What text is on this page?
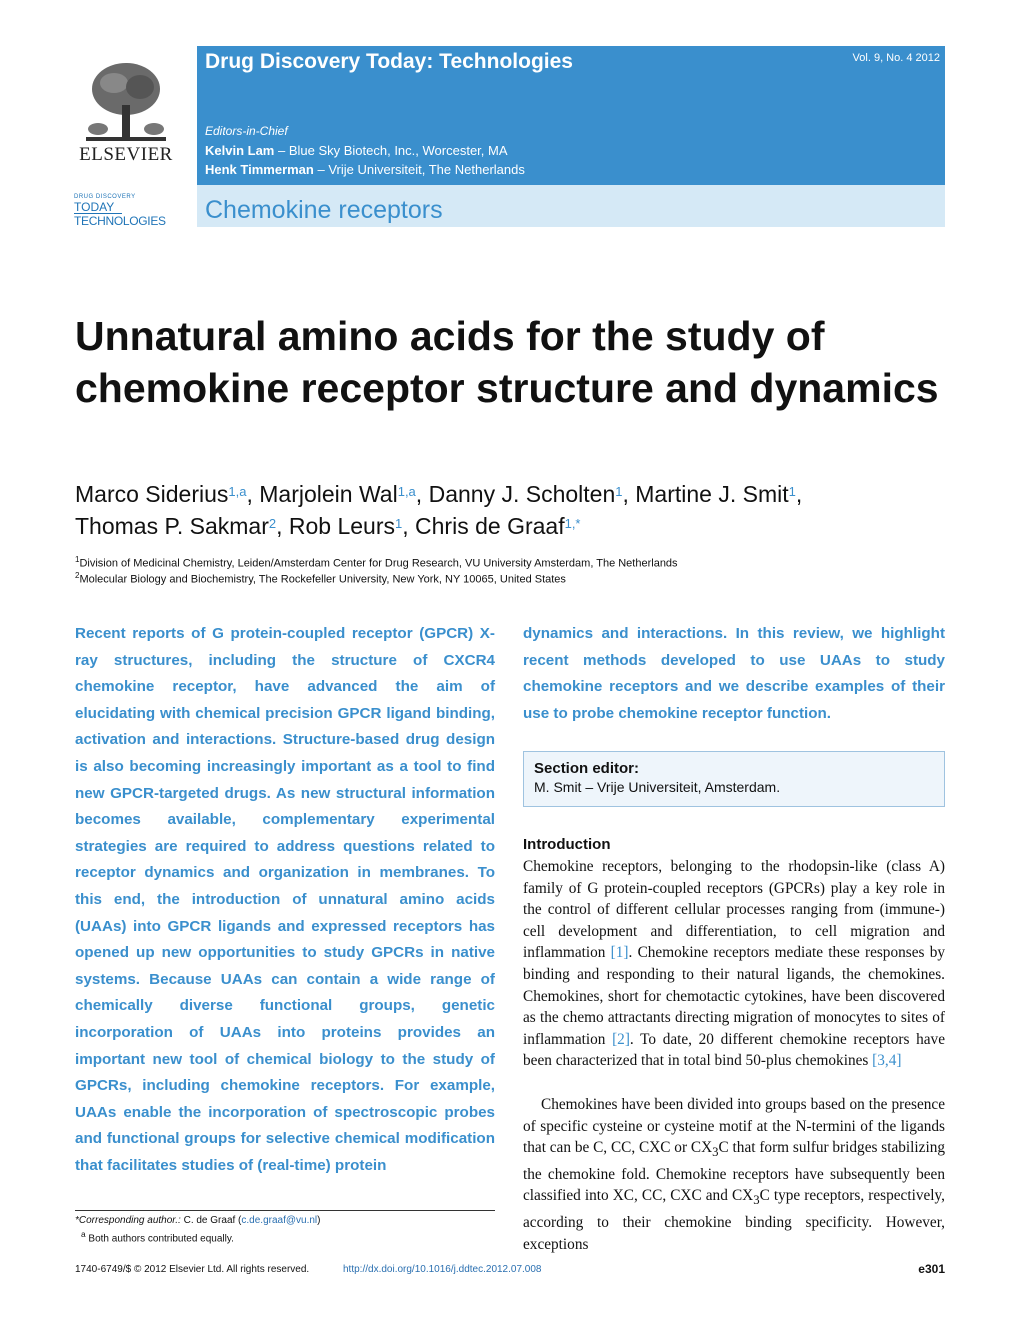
ELSEVIER
DRUG DISCOVERY
TODAY
TECHNOLOGIES
Drug Discovery Today: Technologies	Vol. 9, No. 4 2012
Editors-in-Chief
Kelvin Lam – Blue Sky Biotech, Inc., Worcester, MA
Henk Timmerman – Vrije Universiteit, The Netherlands
Chemokine receptors
Unnatural amino acids for the study of chemokine receptor structure and dynamics
Marco Siderius$^{1,a}$, Marjolein Wal$^{1,a}$, Danny J. Scholten$^1$, Martine J. Smit$^1$,
Thomas P. Sakmar$^2$, Rob Leurs$^1$, Chris de Graaf$^{1,*}$
$^1$Division of Medicinal Chemistry, Leiden/Amsterdam Center for Drug Research, VU University Amsterdam, The Netherlands
$^2$Molecular Biology and Biochemistry, The Rockefeller University, New York, NY 10065, United States
Recent reports of G protein-coupled receptor (GPCR) X-ray structures, including the structure of CXCR4 chemokine receptor, have advanced the aim of elucidating with chemical precision GPCR ligand binding, activation and interactions. Structure-based drug design is also becoming increasingly important as a tool to find new GPCR-targeted drugs. As new structural information becomes available, complementary experimental strategies are required to address questions related to receptor dynamics and organization in membranes. To this end, the introduction of unnatural amino acids (UAAs) into GPCR ligands and expressed receptors has opened up new opportunities to study GPCRs in native systems. Because UAAs can contain a wide range of chemically diverse functional groups, genetic incorporation of UAAs into proteins provides an important new tool of chemical biology to the study of GPCRs, including chemokine receptors. For example, UAAs enable the incorporation of spectroscopic probes and functional groups for selective chemical modification that facilitates studies of (real-time) protein
dynamics and interactions. In this review, we highlight recent methods developed to use UAAs to study chemokine receptors and we describe examples of their use to probe chemokine receptor function.
Section editor:
M. Smit – Vrije Universiteit, Amsterdam.
Introduction
Chemokine receptors, belonging to the rhodopsin-like (class A) family of G protein-coupled receptors (GPCRs) play a key role in the control of different cellular processes ranging from (immune-) cell development and differentiation, to cell migration and inflammation [1]. Chemokine receptors mediate these responses by binding and responding to their natural ligands, the chemokines. Chemokines, short for chemotactic cytokines, have been discovered as the chemo attractants directing migration of monocytes to sites of inflammation [2]. To date, 20 different chemokine receptors have been characterized that in total bind 50-plus chemokines [3,4]
Chemokines have been divided into groups based on the presence of specific cysteine or cysteine motif at the N-termini of the ligands that can be C, CC, CXC or $CX_3C$ that form sulfur bridges stabilizing the chemokine fold. Chemokine receptors have subsequently been classified into XC, CC, CXC and $CX_3C$ type receptors, respectively, according to their chemokine binding specificity. However, exceptions
*Corresponding author.: C. de Graaf (c.de.graaf@vu.nl)
$^a$ Both authors contributed equally.
1740-6749/$ © 2012 Elsevier Ltd. All rights reserved.	http://dx.doi.org/10.1016/j.ddtec.2012.07.008	e301
